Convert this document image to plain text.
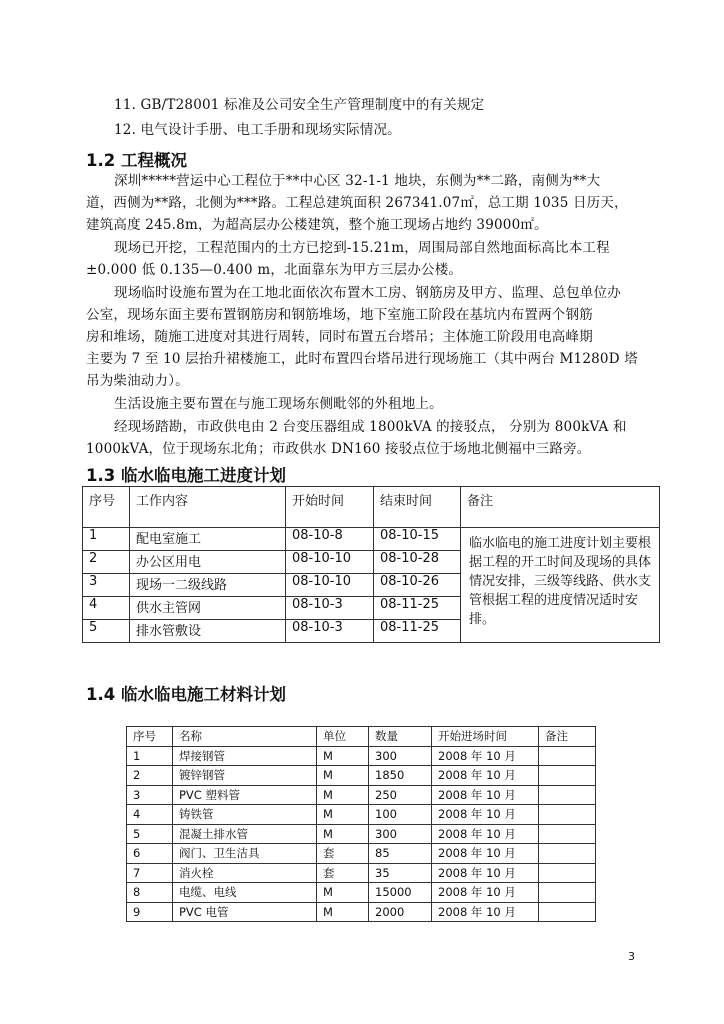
11. GB/T28001 标准及公司安全生产管理制度中的有关规定
12. 电气设计手册、电工手册和现场实际情况。
1.2 工程概况
深圳*****营运中心工程位于**中心区 32-1-1 地块，东侧为**二路，南侧为**大
道，西侧为**路，北侧为***路。工程总建筑面积 267341.07㎡，总工期 1035 日历天，
建筑高度 245.8m，为超高层办公楼建筑，整个施工现场占地约 39000㎡。
现场已开挖，工程范围内的土方已挖到-15.21m，周围局部自然地面标高比本工程
±0.000 低 0.135—0.400 m，北面靠东为甲方三层办公楼。
现场临时设施布置为在工地北面依次布置木工房、钢筋房及甲方、监理、总包单位办
公室，现场东面主要布置钢筋房和钢筋堆场，地下室施工阶段在基坑内布置两个钢筋
房和堆场，随施工进度对其进行周转，同时布置五台塔吊；主体施工阶段用电高峰期
主要为 7 至 10 层抬升裙楼施工，此时布置四台塔吊进行现场施工（其中两台 M1280D 塔
吊为柴油动力）。
生活设施主要布置在与施工现场东侧毗邻的外租地上。
经现场踏勘，市政供电由 2 台变压器组成 1800kVA 的接驳点， 分别为 800kVA 和
1000kVA，位于现场东北角；市政供水 DN160 接驳点位于场地北侧福中三路旁。
1.3 临水临电施工进度计划
序号	工作内容	开始时间	结束时间	备注
1	配电室施工	08-10-8	08-10-15	临水临电的施工进度计划主要根据工程的开工时间及现场的具体情况安排，三级等线路、供水支管根据工程的进度情况适时安排。
2	办公区用电	08-10-10	08-10-28	
3	现场一二级线路	08-10-10	08-10-26	
4	供水主管网	08-10-3	08-11-25	
5	排水管敷设	08-10-3	08-11-25	
1.4 临水临电施工材料计划
序号	名称	单位	数量	开始进场时间	备注
1	焊接钢管	M	300	2008 年 10 月	
2	镀锌钢管	M	1850	2008 年 10 月	
3	PVC 塑料管	M	250	2008 年 10 月	
4	铸铁管	M	100	2008 年 10 月	
5	混凝土排水管	M	300	2008 年 10 月	
6	阀门、卫生洁具	套	85	2008 年 10 月	
7	消火栓	套	35	2008 年 10 月	
8	电缆、电线	M	15000	2008 年 10 月	
9	PVC 电管	M	2000	2008 年 10 月	
3
